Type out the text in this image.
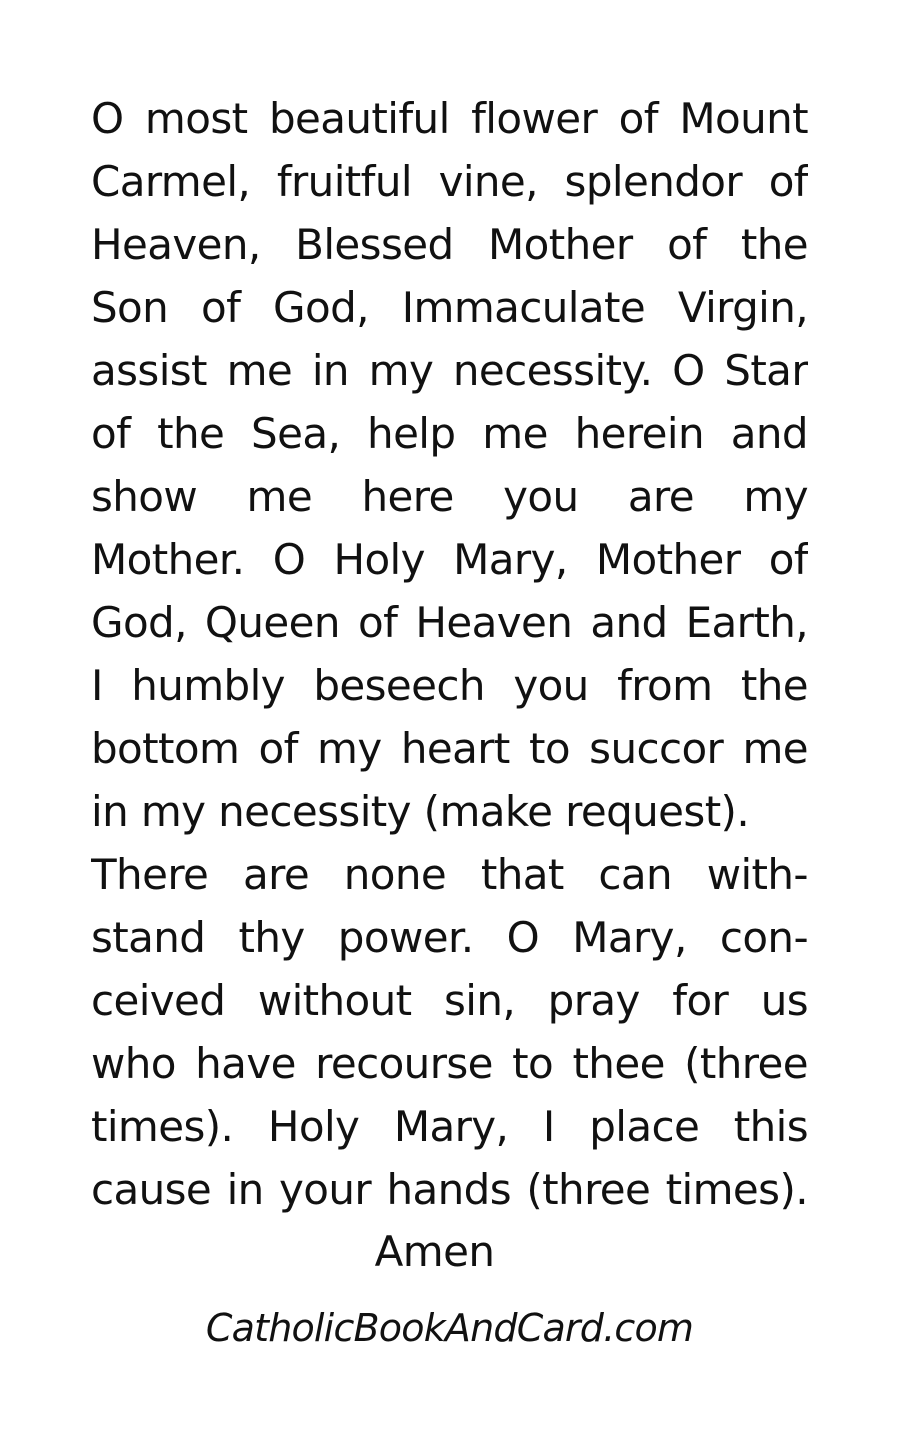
O most beautiful flower of Mount
Carmel, fruitful vine, splendor of
Heaven, Blessed Mother of the
Son of God, Immaculate Virgin,
assist me in my necessity. O Star
of the Sea, help me herein and
show me here you are my
Mother. O Holy Mary, Mother of
God, Queen of Heaven and Earth,
I humbly beseech you from the
bottom of my heart to succor me
in my necessity (make request).
There are none that can with-
stand thy power. O Mary, con-
ceived without sin, pray for us
who have recourse to thee (three
times). Holy Mary, I place this
cause in your hands (three times).
Amen
CatholicBookAndCard.com
